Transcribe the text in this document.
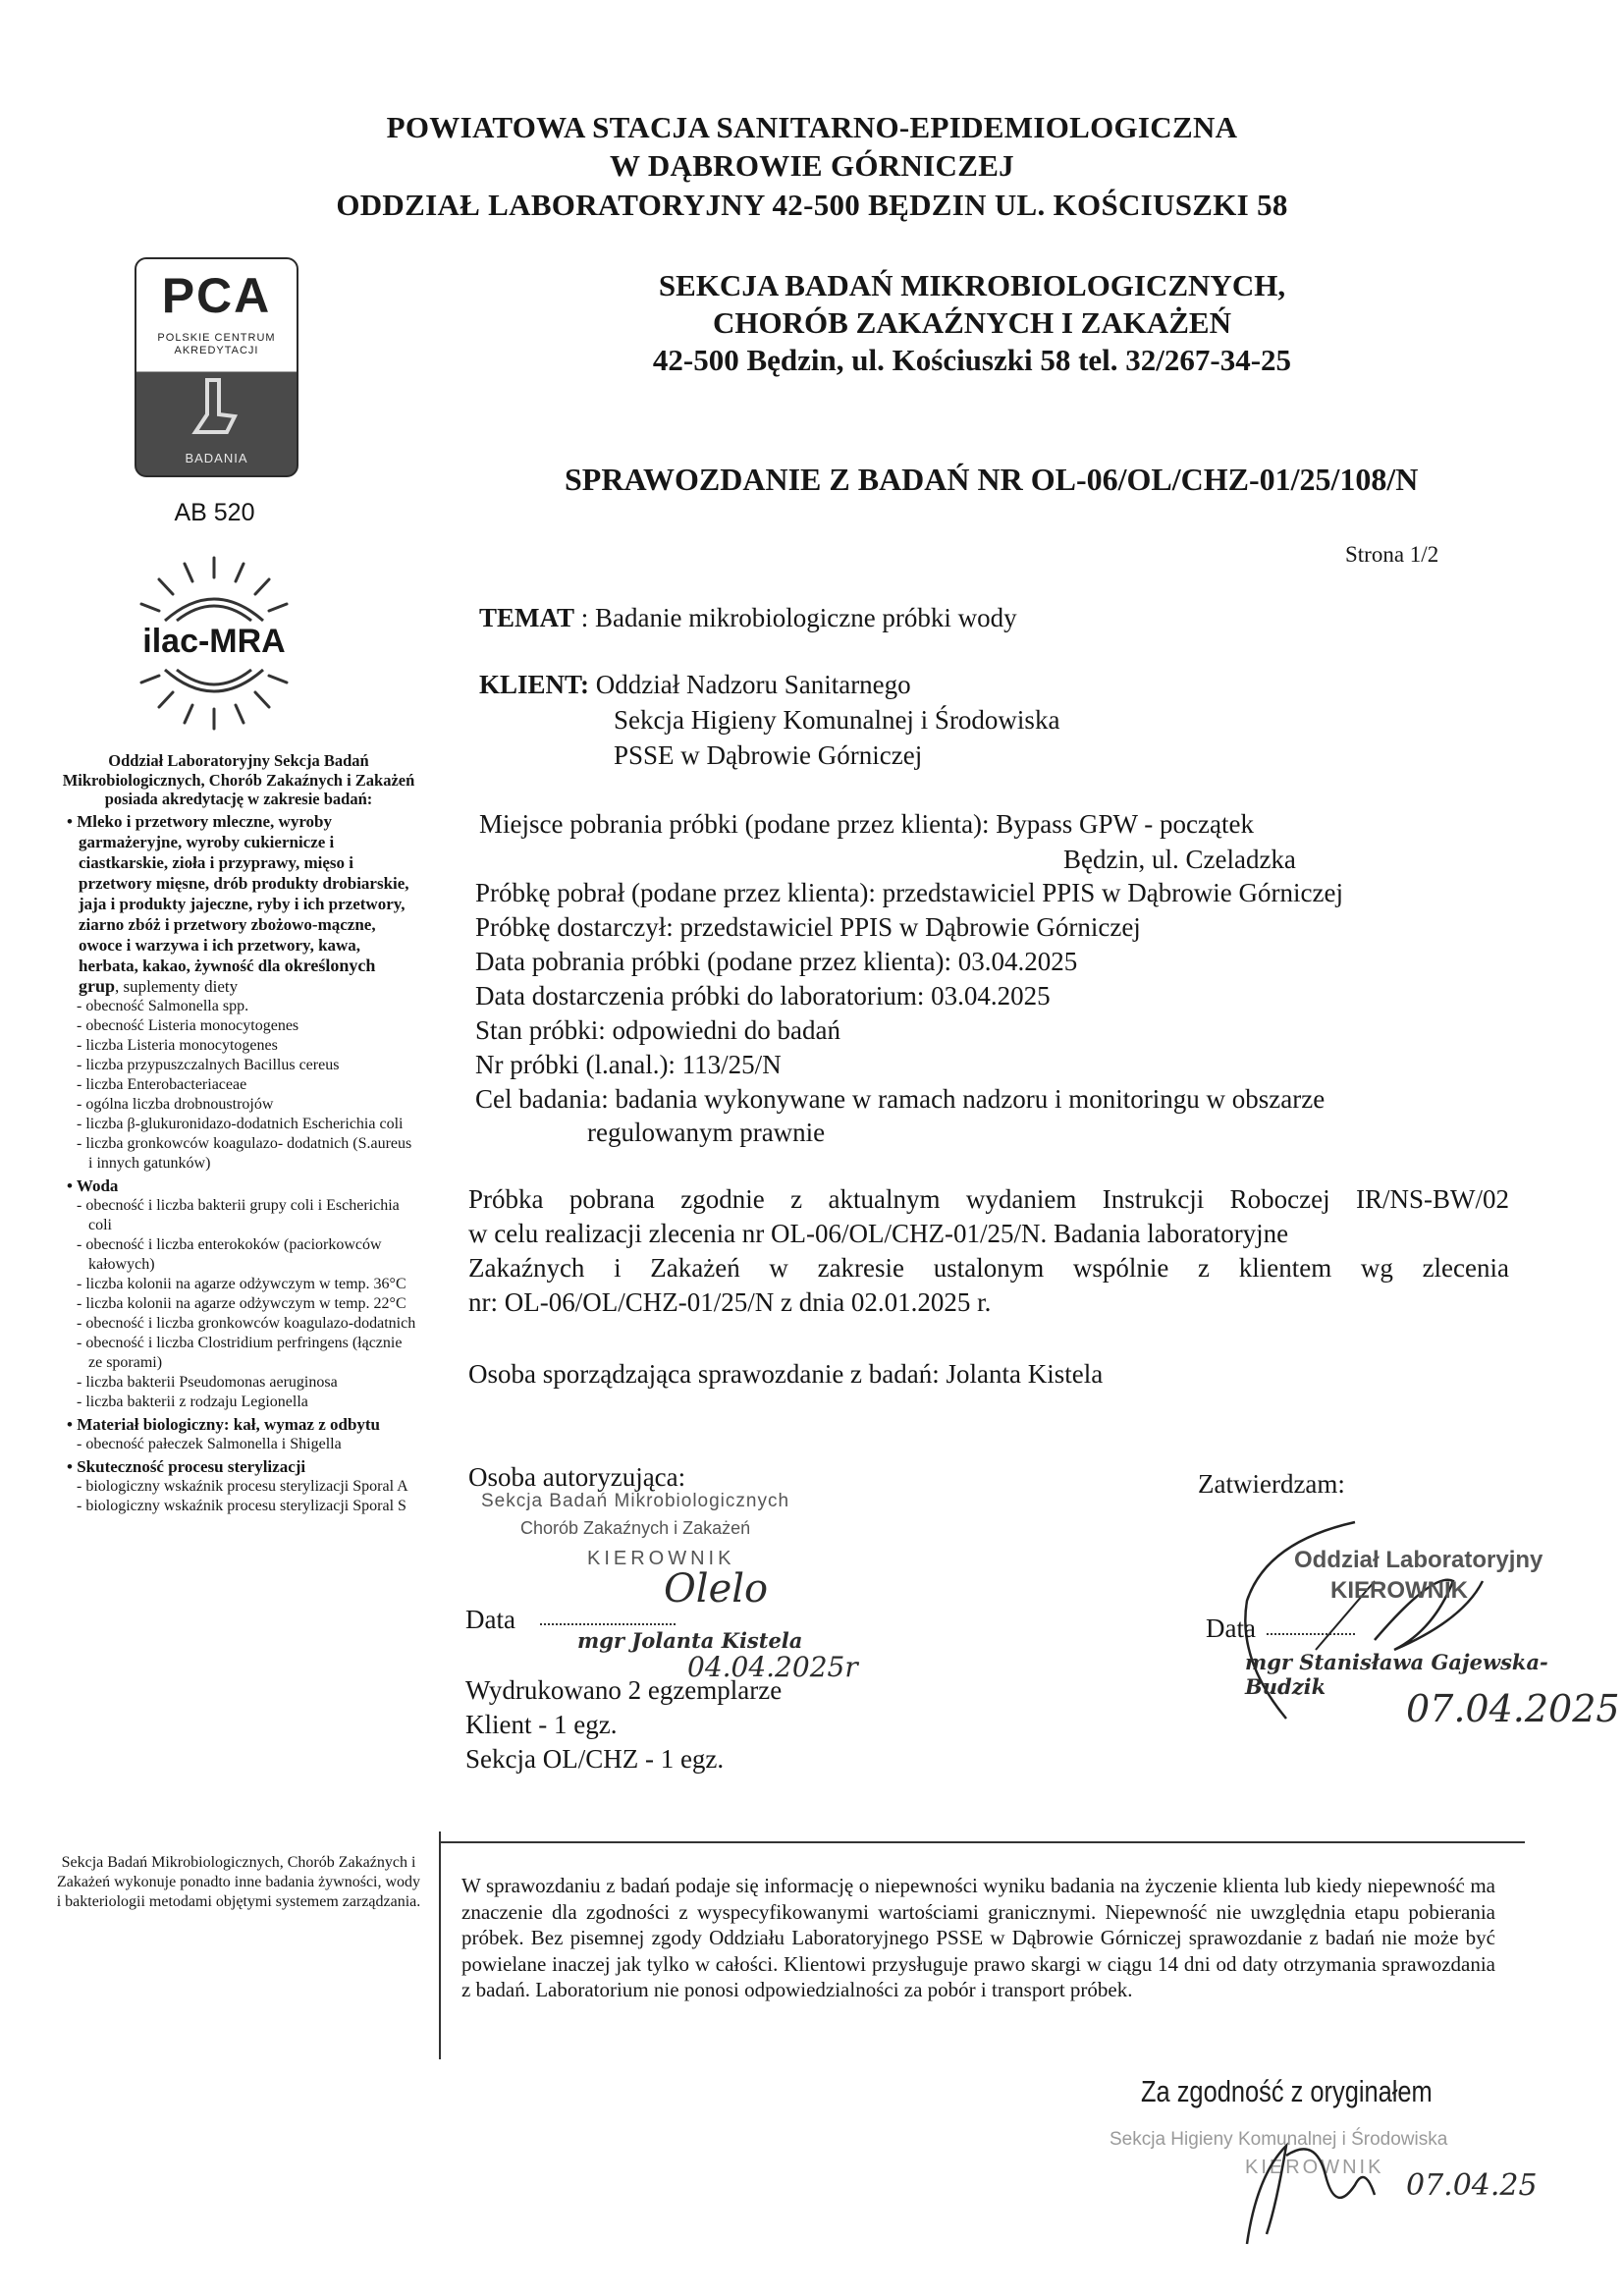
POWIATOWA STACJA SANITARNO-EPIDEMIOLOGICZNA
W DĄBROWIE GÓRNICZEJ
ODDZIAŁ LABORATORYJNY 42-500 BĘDZIN UL. KOŚCIUSZKI 58
PCA
POLSKIE CENTRUM
AKREDYTACJI
BADANIA
AB 520
ilac-MRA
SEKCJA BADAŃ MIKROBIOLOGICZNYCH,
CHORÓB ZAKAŹNYCH I ZAKAŻEŃ
42-500 Będzin, ul. Kościuszki 58 tel. 32/267-34-25
SPRAWOZDANIE Z BADAŃ NR OL-06/OL/CHZ-01/25/108/N
Strona 1/2
TEMAT : Badanie mikrobiologiczne próbki wody
KLIENT: Oddział Nadzoru Sanitarnego
Sekcja Higieny Komunalnej i Środowiska
PSSE w Dąbrowie Górniczej
Miejsce pobrania próbki (podane przez klienta): Bypass GPW - początek
Będzin, ul. Czeladzka
Próbkę pobrał (podane przez klienta): przedstawiciel PPIS w Dąbrowie Górniczej
Próbkę dostarczył: przedstawiciel PPIS w Dąbrowie Górniczej
Data pobrania próbki (podane przez klienta): 03.04.2025
Data dostarczenia próbki do laboratorium: 03.04.2025
Stan próbki: odpowiedni do badań
Nr próbki (l.anal.): 113/25/N
Cel badania: badania wykonywane w ramach nadzoru i monitoringu w obszarze
regulowanym prawnie
Próbka pobrana zgodnie z aktualnym wydaniem Instrukcji Roboczej IR/NS-BW/02
w celu realizacji zlecenia nr OL-06/OL/CHZ-01/25/N. Badania laboratoryjne
Zakaźnych i Zakażeń w zakresie ustalonym wspólnie z klientem wg zlecenia
nr: OL-06/OL/CHZ-01/25/N z dnia 02.01.2025 r.
Osoba sporządzająca sprawozdanie z badań: Jolanta Kistela
Osoba autoryzująca:
Sekcja Badań Mikrobiologicznych
Chorób Zakaźnych i Zakażeń
KIEROWNIK
Olelo
Data
mgr Jolanta Kistela
04.04.2025r
Wydrukowano 2 egzemplarze
Klient - 1 egz.
Sekcja OL/CHZ - 1 egz.
Zatwierdzam:
Oddział Laboratoryjny
KIEROWNIK
Data
mgr Stanisława Gajewska-Budzik
07.04.2025
Oddział Laboratoryjny Sekcja Badań Mikrobiologicznych, Chorób Zakaźnych i Zakażeń posiada akredytację w zakresie badań:
• Mleko i przetwory mleczne, wyroby garmażeryjne, wyroby cukiernicze i ciastkarskie, zioła i przyprawy, mięso i przetwory mięsne, drób produkty drobiarskie, jaja i produkty jajeczne, ryby i ich przetwory, ziarno zbóż i przetwory zbożowo-mączne, owoce i warzywa i ich przetwory, kawa, herbata, kakao, żywność dla określonych grup, suplementy diety
- obecność Salmonella spp.
- obecność Listeria monocytogenes
- liczba Listeria monocytogenes
- liczba przypuszczalnych Bacillus cereus
- liczba Enterobacteriaceae
- ogólna liczba drobnoustrojów
- liczba β-glukuronidazo-dodatnich Escherichia coli
- liczba gronkowców koagulazo- dodatnich (S.aureus i innych gatunków)
• Woda
- obecność i liczba bakterii grupy coli i Escherichia coli
- obecność i liczba enterokoków (paciorkowców kałowych)
- liczba kolonii na agarze odżywczym w temp. 36°C
- liczba kolonii na agarze odżywczym w temp. 22°C
- obecność i liczba gronkowców koagulazo-dodatnich
- obecność i liczba Clostridium perfringens (łącznie ze sporami)
- liczba bakterii Pseudomonas aeruginosa
- liczba bakterii z rodzaju Legionella
• Materiał biologiczny: kał, wymaz z odbytu
- obecność pałeczek Salmonella i Shigella
• Skuteczność procesu sterylizacji
- biologiczny wskaźnik procesu sterylizacji Sporal A
- biologiczny wskaźnik procesu sterylizacji Sporal S
Sekcja Badań Mikrobiologicznych, Chorób Zakaźnych i Zakażeń wykonuje ponadto inne badania żywności, wody i bakteriologii metodami objętymi systemem zarządzania.
W sprawozdaniu z badań podaje się informację o niepewności wyniku badania na życzenie klienta lub kiedy niepewność ma znaczenie dla zgodności z wyspecyfikowanymi wartościami granicznymi. Niepewność nie uwzględnia etapu pobierania próbek. Bez pisemnej zgody Oddziału Laboratoryjnego PSSE w Dąbrowie Górniczej sprawozdanie z badań nie może być powielane inaczej jak tylko w całości. Klientowi przysługuje prawo skargi w ciągu 14 dni od daty otrzymania sprawozdania z badań. Laboratorium nie ponosi odpowiedzialności za pobór i transport próbek.
Za zgodność z oryginałem
Sekcja Higieny Komunalnej i Środowiska
KIEROWNIK
07.04.25
